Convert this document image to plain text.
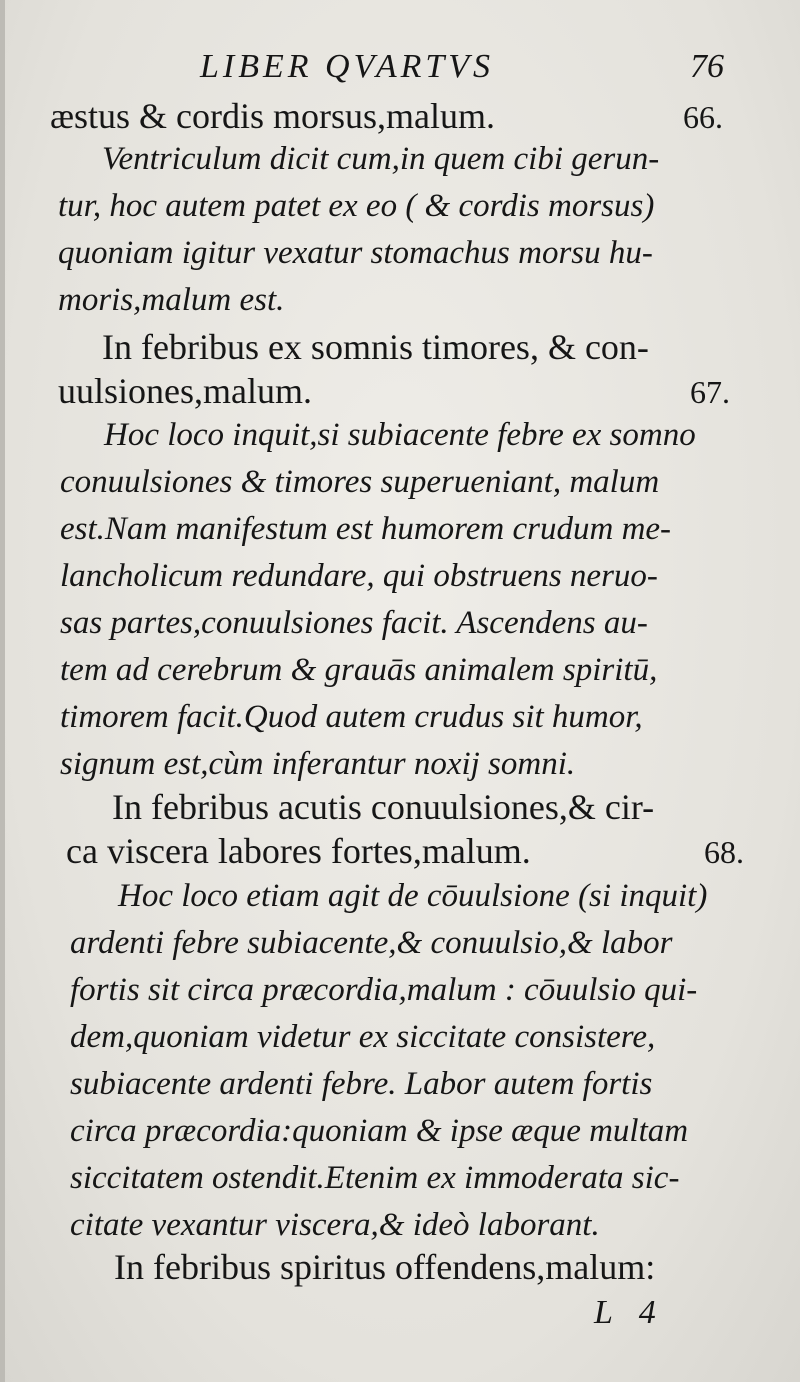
LIBER QVARTVS	76
æstus & cordis morsus,malum.	66.
Ventriculum dicit cum,in quem cibi gerun-
tur, hoc autem patet ex eo ( & cordis morsus)
quoniam igitur vexatur stomachus morsu hu-
moris,malum est.
In febribus ex somnis timores, & con-
uulsiones,malum.	67.
Hoc loco inquit,si subiacente febre ex somno
conuulsiones & timores superueniant, malum
est.Nam manifestum est humorem crudum me-
lancholicum redundare, qui obstruens neruo-
sas partes,conuulsiones facit. Ascendens au-
tem ad cerebrum & grauās animalem spiritū,
timorem facit.Quod autem crudus sit humor,
signum est,cùm inferantur noxij somni.
In febribus acutis conuulsiones,& cir-
ca viscera labores fortes,malum.	68.
Hoc loco etiam agit de cōuulsione (si inquit)
ardenti febre subiacente,& conuulsio,& labor
fortis sit circa præcordia,malum : cōuulsio qui-
dem,quoniam videtur ex siccitate consistere,
subiacente ardenti febre. Labor autem fortis
circa præcordia:quoniam & ipse æque multam
siccitatem ostendit.Etenim ex immoderata sic-
citate vexantur viscera,& ideò laborant.
In febribus spiritus offendens,malum:
L 4
